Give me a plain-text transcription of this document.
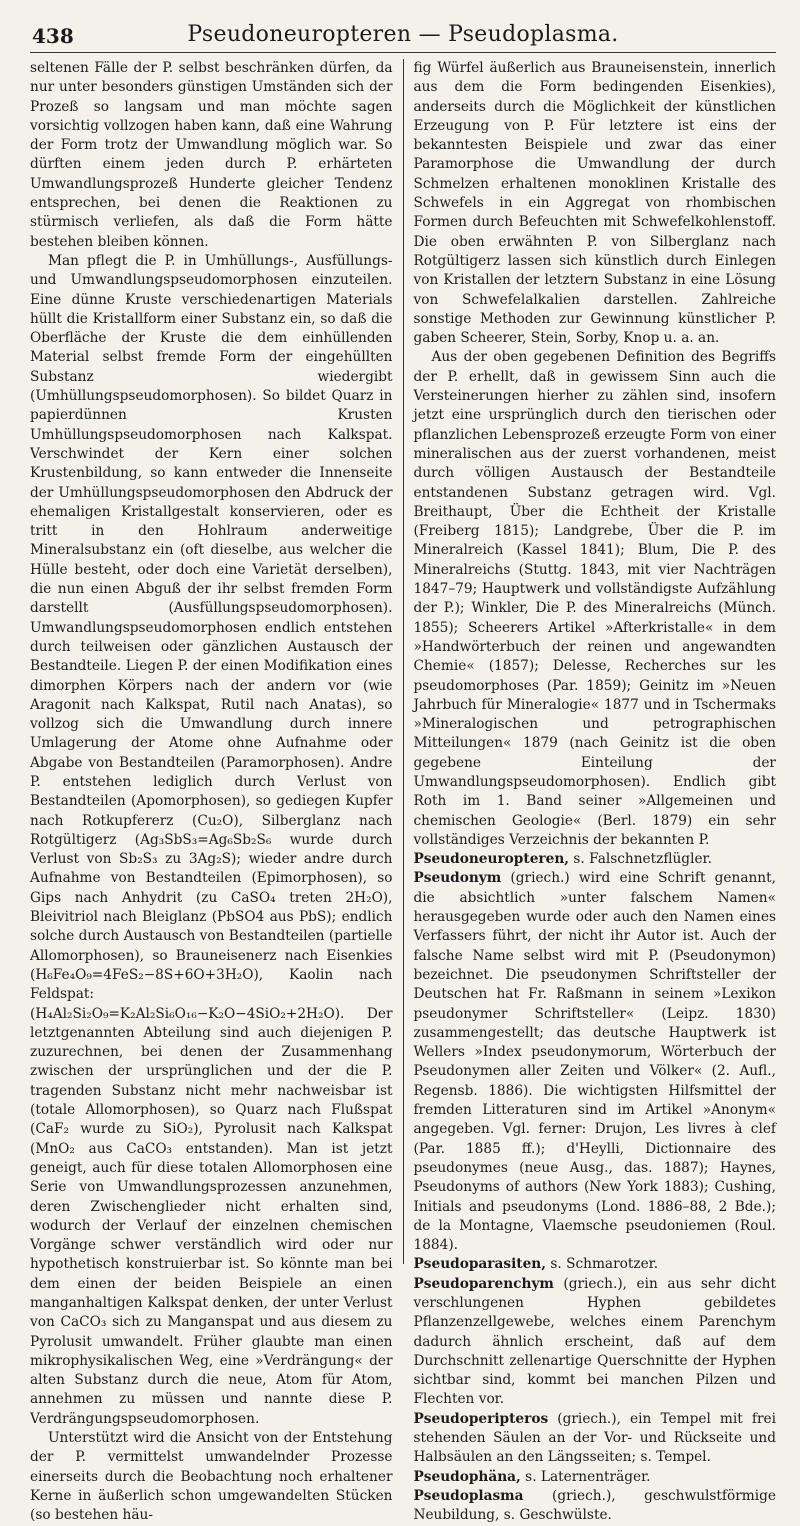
438	Pseudoneuropteren — Pseudoplasma.

seltenen Fälle der P. selbst beschränken dürfen, da nur unter besonders günstigen Umständen sich der Prozeß so langsam und man möchte sagen vorsichtig vollzogen haben kann, daß eine Wahrung der Form trotz der Umwandlung möglich war. So dürften einem jeden durch P. erhärteten Umwandlungsprozeß Hunderte gleicher Tendenz entsprechen, bei denen die Reaktionen zu stürmisch verliefen, als daß die Form hätte bestehen bleiben können.

Man pflegt die P. in Umhüllungs-, Ausfüllungs- und Umwandlungspseudomorphosen einzuteilen. Eine dünne Kruste verschiedenartigen Materials hüllt die Kristallform einer Substanz ein, so daß die Oberfläche der Kruste die dem einhüllenden Material selbst fremde Form der eingehüllten Substanz wiedergibt (Umhüllungspseudomorphosen). So bildet Quarz in papierdünnen Krusten Umhüllungspseudomorphosen nach Kalkspat. Verschwindet der Kern einer solchen Krustenbildung, so kann entweder die Innenseite der Umhüllungspseudomorphosen den Abdruck der ehemaligen Kristallgestalt konservieren, oder es tritt in den Hohlraum anderweitige Mineralsubstanz ein (oft dieselbe, aus welcher die Hülle besteht, oder doch eine Varietät derselben), die nun einen Abguß der ihr selbst fremden Form darstellt (Ausfüllungspseudomorphosen). Umwandlungspseudomorphosen endlich entstehen durch teilweisen oder gänzlichen Austausch der Bestandteile. Liegen P. der einen Modifikation eines dimorphen Körpers nach der andern vor (wie Aragonit nach Kalkspat, Rutil nach Anatas), so vollzog sich die Umwandlung durch innere Umlagerung der Atome ohne Aufnahme oder Abgabe von Bestandteilen (Paramorphosen). Andre P. entstehen lediglich durch Verlust von Bestandteilen (Apomorphosen), so gediegen Kupfer nach Rotkupfererz (Cu₂O), Silberglanz nach Rotgültigerz (Ag₃SbS₃=Ag₆Sb₂S₆ wurde durch Verlust von Sb₂S₃ zu 3Ag₂S); wieder andre durch Aufnahme von Bestandteilen (Epimorphosen), so Gips nach Anhydrit (zu CaSO₄ treten 2H₂O), Bleivitriol nach Bleiglanz (PbSO4 aus PbS); endlich solche durch Austausch von Bestandteilen (partielle Allomorphosen), so Brauneisenerz nach Eisenkies (H₆Fe₄O₉=4FeS₂−8S+6O+3H₂O), Kaolin nach Feldspat: (H₄Al₂Si₂O₉=K₂Al₂Si₆O₁₆−K₂O−4SiO₂+2H₂O). Der letztgenannten Abteilung sind auch diejenigen P. zuzurechnen, bei denen der Zusammenhang zwischen der ursprünglichen und der die P. tragenden Substanz nicht mehr nachweisbar ist (totale Allomorphosen), so Quarz nach Flußspat (CaF₂ wurde zu SiO₂), Pyrolusit nach Kalkspat (MnO₂ aus CaCO₃ entstanden). Man ist jetzt geneigt, auch für diese totalen Allomorphosen eine Serie von Umwandlungsprozessen anzunehmen, deren Zwischenglieder nicht erhalten sind, wodurch der Verlauf der einzelnen chemischen Vorgänge schwer verständlich wird oder nur hypothetisch konstruierbar ist. So könnte man bei dem einen der beiden Beispiele an einen manganhaltigen Kalkspat denken, der unter Verlust von CaCO₃ sich zu Manganspat und aus diesem zu Pyrolusit umwandelt. Früher glaubte man einen mikrophysikalischen Weg, eine »Verdrängung« der alten Substanz durch die neue, Atom für Atom, annehmen zu müssen und nannte diese P. Verdrängungspseudomorphosen.

Unterstützt wird die Ansicht von der Entstehung der P. vermittelst umwandelnder Prozesse einerseits durch die Beobachtung noch erhaltener Kerne in äußerlich schon umgewandelten Stücken (so bestehen häu-

fig Würfel äußerlich aus Brauneisenstein, innerlich aus dem die Form bedingenden Eisenkies), anderseits durch die Möglichkeit der künstlichen Erzeugung von P. Für letztere ist eins der bekanntesten Beispiele und zwar das einer Paramorphose die Umwandlung der durch Schmelzen erhaltenen monoklinen Kristalle des Schwefels in ein Aggregat von rhombischen Formen durch Befeuchten mit Schwefelkohlenstoff. Die oben erwähnten P. von Silberglanz nach Rotgültigerz lassen sich künstlich durch Einlegen von Kristallen der letztern Substanz in eine Lösung von Schwefelalkalien darstellen. Zahlreiche sonstige Methoden zur Gewinnung künstlicher P. gaben Scheerer, Stein, Sorby, Knop u. a. an.

Aus der oben gegebenen Definition des Begriffs der P. erhellt, daß in gewissem Sinn auch die Versteinerungen hierher zu zählen sind, insofern jetzt eine ursprünglich durch den tierischen oder pflanzlichen Lebensprozeß erzeugte Form von einer mineralischen aus der zuerst vorhandenen, meist durch völligen Austausch der Bestandteile entstandenen Substanz getragen wird. Vgl. Breithaupt, Über die Echtheit der Kristalle (Freiberg 1815); Landgrebe, Über die P. im Mineralreich (Kassel 1841); Blum, Die P. des Mineralreichs (Stuttg. 1843, mit vier Nachträgen 1847–79; Hauptwerk und vollständigste Aufzählung der P.); Winkler, Die P. des Mineralreichs (Münch. 1855); Scheerers Artikel »Afterkristalle« in dem »Handwörterbuch der reinen und angewandten Chemie« (1857); Delesse, Recherches sur les pseudomorphoses (Par. 1859); Geinitz im »Neuen Jahrbuch für Mineralogie« 1877 und in Tschermaks »Mineralogischen und petrographischen Mitteilungen« 1879 (nach Geinitz ist die oben gegebene Einteilung der Umwandlungspseudomorphosen). Endlich gibt Roth im 1. Band seiner »Allgemeinen und chemischen Geologie« (Berl. 1879) ein sehr vollständiges Verzeichnis der bekannten P.

Pseudoneuropteren, s. Falschnetzflügler.

Pseudonym (griech.) wird eine Schrift genannt, die absichtlich »unter falschem Namen« herausgegeben wurde oder auch den Namen eines Verfassers führt, der nicht ihr Autor ist. Auch der falsche Name selbst wird mit P. (Pseudonymon) bezeichnet. Die pseudonymen Schriftsteller der Deutschen hat Fr. Raßmann in seinem »Lexikon pseudonymer Schriftsteller« (Leipz. 1830) zusammengestellt; das deutsche Hauptwerk ist Wellers »Index pseudonymorum, Wörterbuch der Pseudonymen aller Zeiten und Völker« (2. Aufl., Regensb. 1886). Die wichtigsten Hilfsmittel der fremden Litteraturen sind im Artikel »Anonym« angegeben. Vgl. ferner: Drujon, Les livres à clef (Par. 1885 ff.); d'Heylli, Dictionnaire des pseudonymes (neue Ausg., das. 1887); Haynes, Pseudonyms of authors (New York 1883); Cushing, Initials and pseudonyms (Lond. 1886–88, 2 Bde.); de la Montagne, Vlaemsche pseudoniemen (Roul. 1884).

Pseudoparasiten, s. Schmarotzer.

Pseudoparenchym (griech.), ein aus sehr dicht verschlungenen Hyphen gebildetes Pflanzenzellgewebe, welches einem Parenchym dadurch ähnlich erscheint, daß auf dem Durchschnitt zellenartige Querschnitte der Hyphen sichtbar sind, kommt bei manchen Pilzen und Flechten vor.

Pseudoperipteros (griech.), ein Tempel mit frei stehenden Säulen an der Vor- und Rückseite und Halbsäulen an den Längsseiten; s. Tempel.

Pseudophäna, s. Laternenträger.

Pseudoplasma (griech.), geschwulstförmige Neubildung, s. Geschwülste.
